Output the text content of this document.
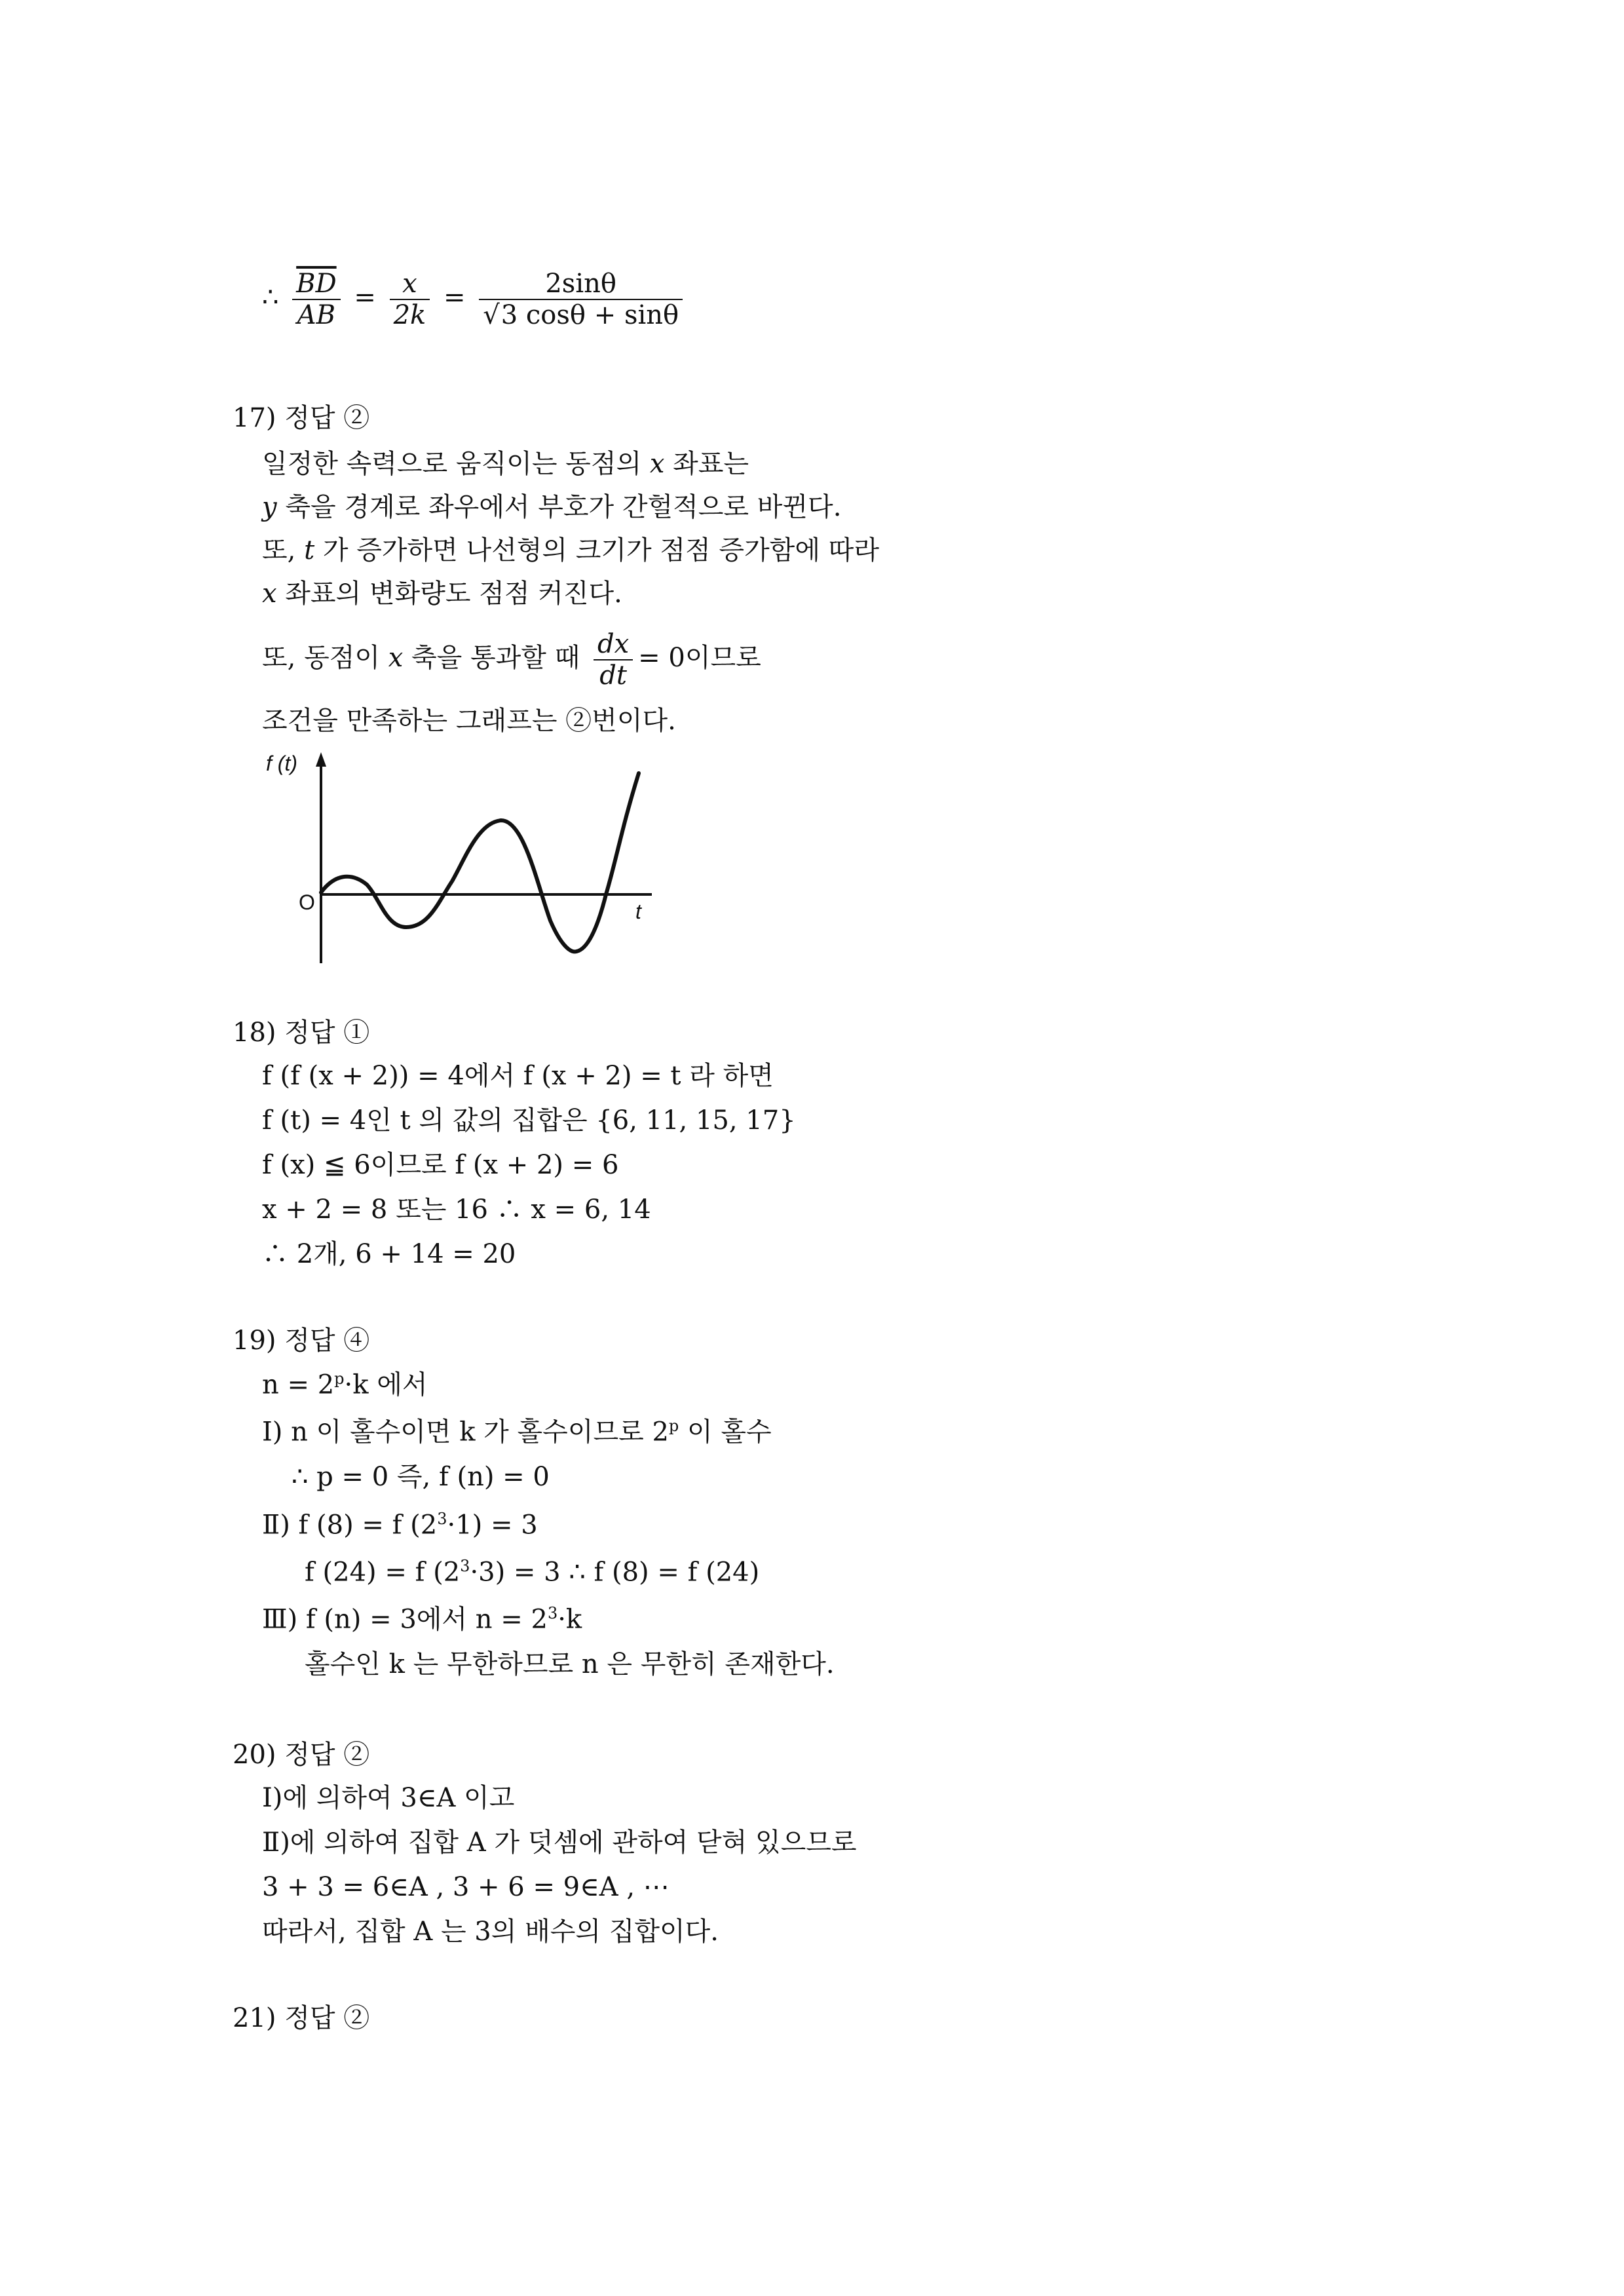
∴ $\frac{\overline{BD}}{AB} = \frac{x}{2k} = \frac{2\sin\theta}{√3 \cos\theta + \sin\theta}$
17) 정답 ②
일정한 속력으로 움직이는 동점의 x 좌표는
y 축을 경계로 좌우에서 부호가 간헐적으로 바뀐다.
또, t 가 증가하면 나선형의 크기가 점점 증가함에 따라
x 좌표의 변화량도 점점 커진다.
또, 동점이 x 축을 통과할 때 $\frac{dx}{dt} = 0$이므로
조건을 만족하는 그래프는 ②번이다.
f (t)
O	t
18) 정답 ①
f (f (x + 2)) = 4에서 f (x + 2) = t 라 하면
f (t) = 4인 t 의 값의 집합은 {6, 11, 15, 17}
f (x) ≦ 6이므로 f (x + 2) = 6
x + 2 = 8 또는 16 ∴ x = 6, 14
∴ 2개, 6 + 14 = 20
19) 정답 ④
$n = 2^p\cdot k$ 에서
Ⅰ) n 이 홀수이면 k 가 홀수이므로 2$^p$ 이 홀수
∴ p = 0 즉, f (n) = 0
Ⅱ) f (8) = f $(2^3\cdot 1) = 3$
f (24) = f $(2^3\cdot 3) = 3$ ∴ f (8) = f (24)
Ⅲ) f (n) = 3에서 $n = 2^3\cdot k$
홀수인 k 는 무한하므로 n 은 무한히 존재한다.
20) 정답 ②
Ⅰ)에 의하여 3∈A 이고
Ⅱ)에 의하여 집합 A 가 덧셈에 관하여 닫혀 있으므로
3 + 3 = 6∈A , 3 + 6 = 9∈A , ⋯
따라서, 집합 A 는 3의 배수의 집합이다.
21) 정답 ②
